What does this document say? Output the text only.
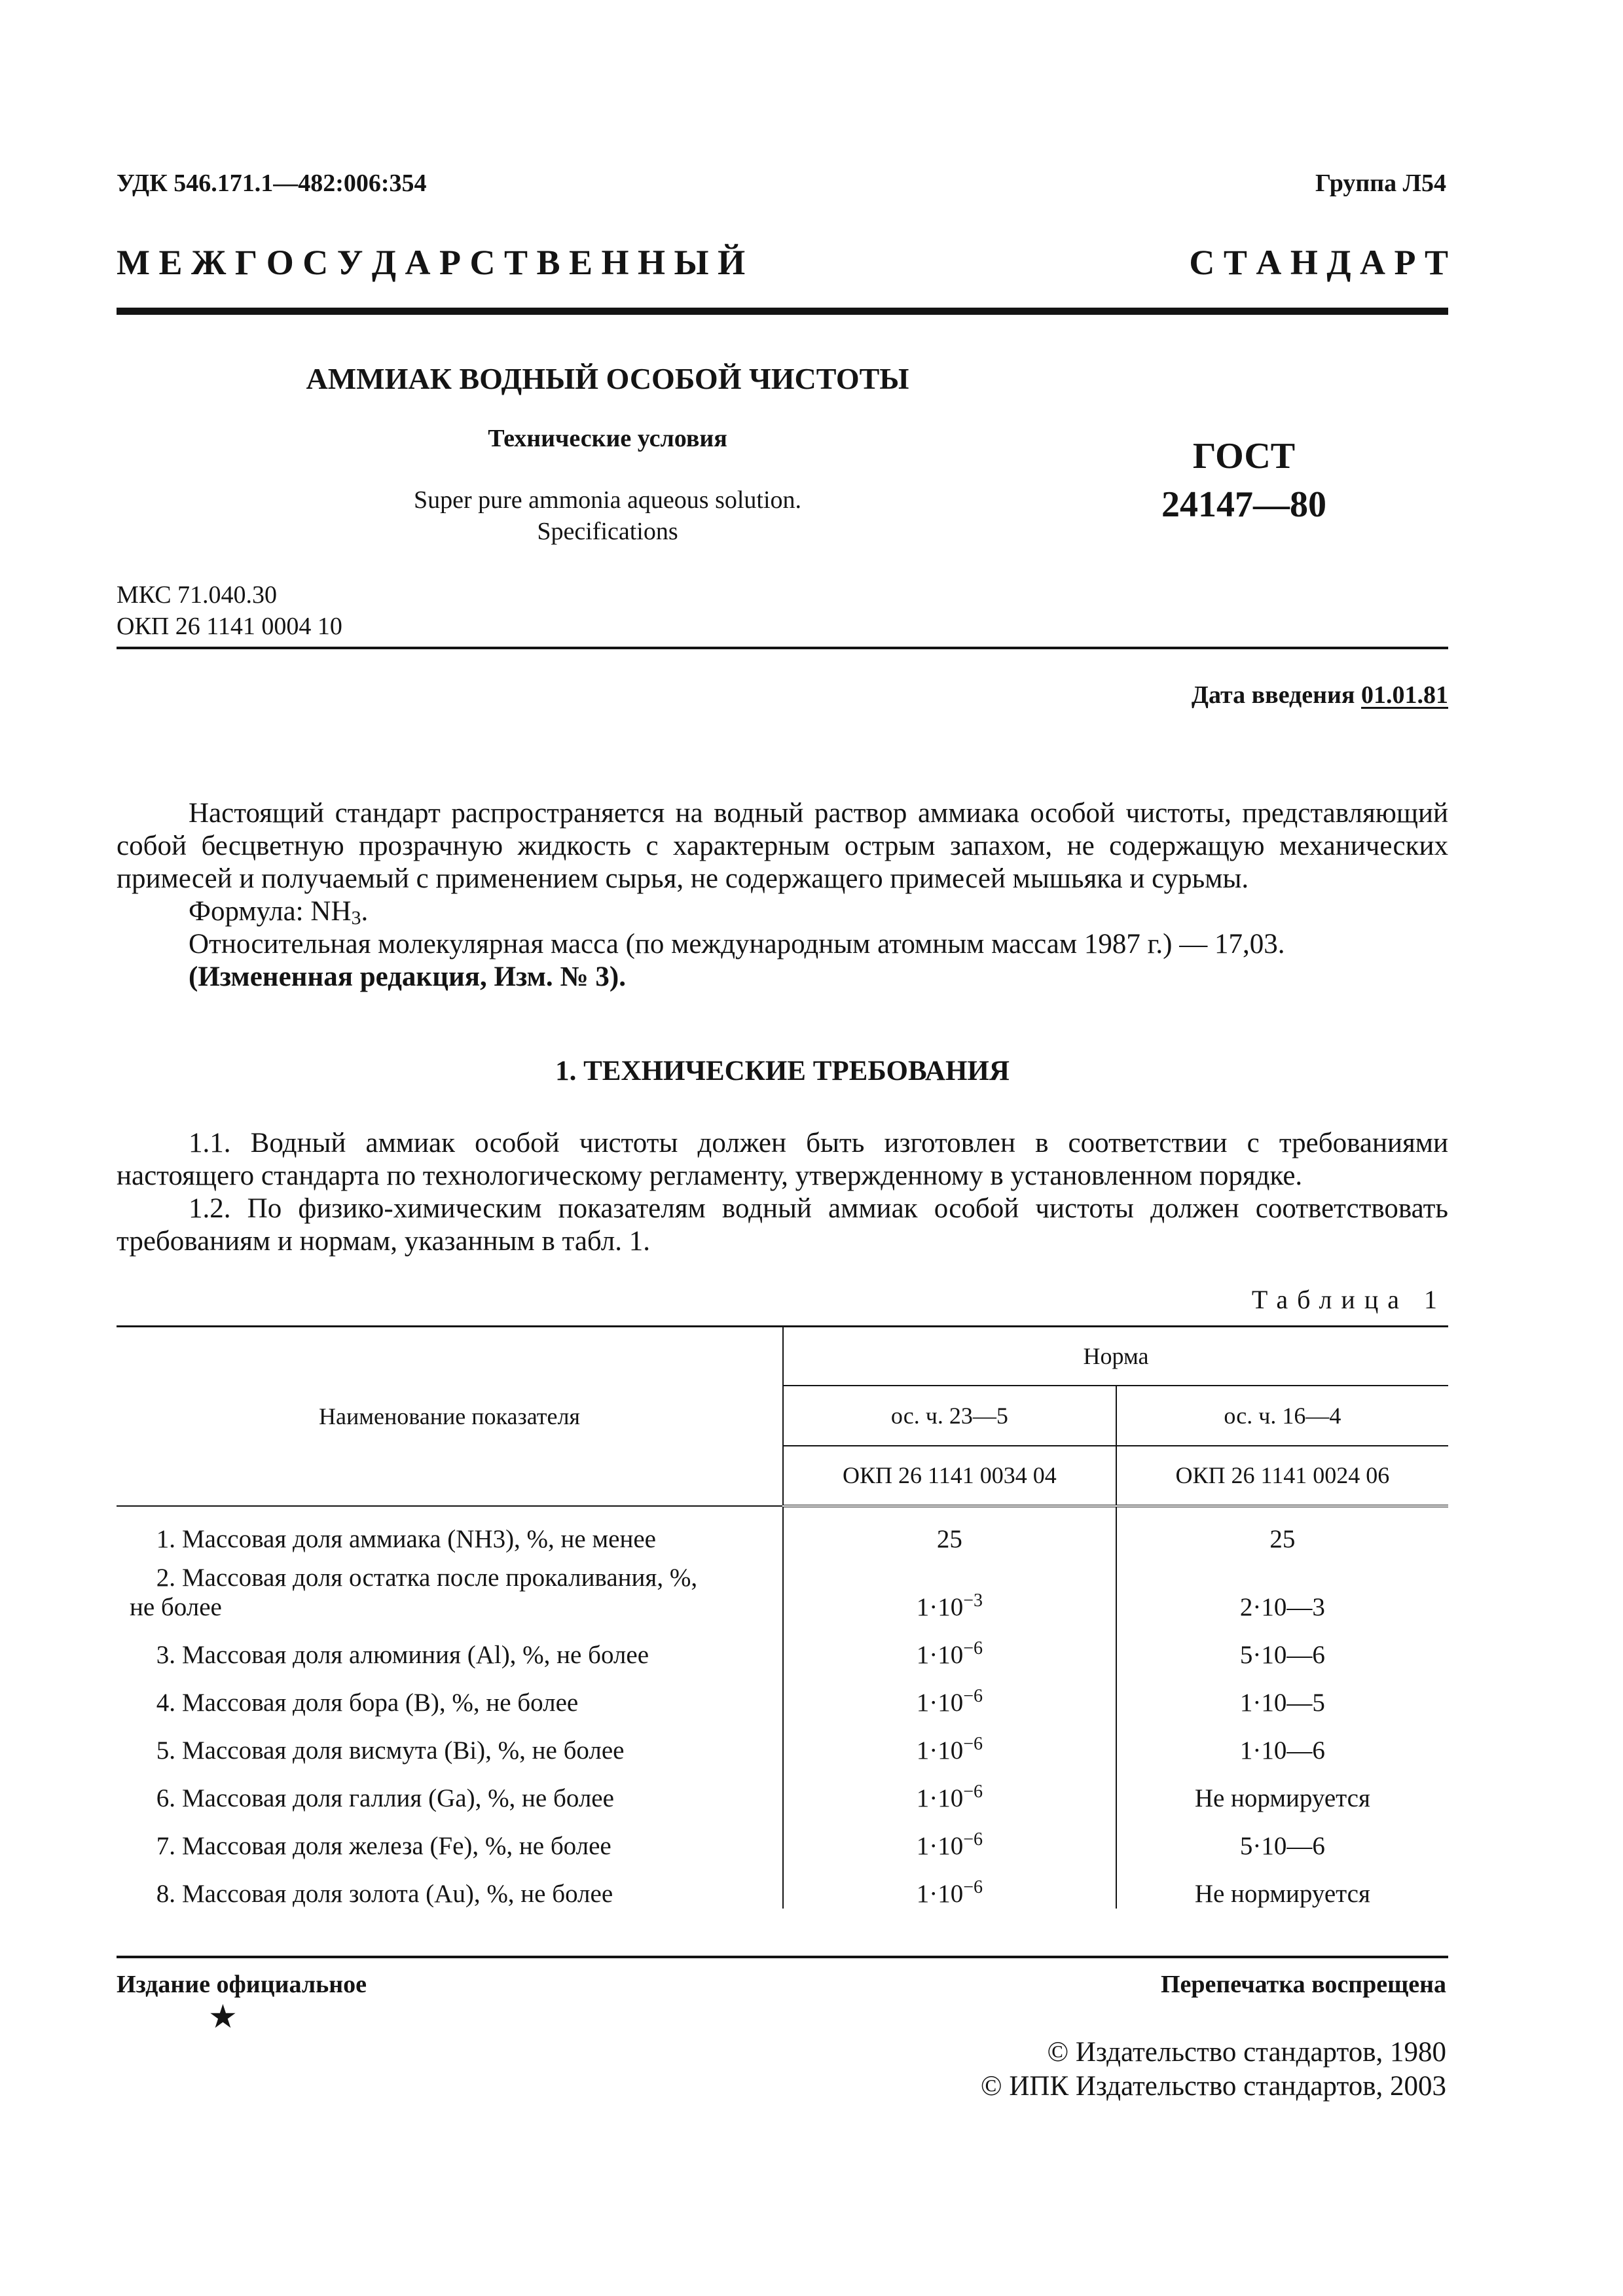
УДК 546.171.1—482:006:354	Группа Л54
М Е Ж Г О С У Д А Р С Т В Е Н Н Ы Й	С Т А Н Д А Р Т
АММИАК ВОДНЫЙ ОСОБОЙ ЧИСТОТЫ
Технические условия
Super pure ammonia aqueous solution.
Specifications
ГОСТ
24147—80
МКС 71.040.30
ОКП 26 1141 0004 10
Дата введения 01.01.81

Настоящий стандарт распространяется на водный раствор аммиака особой чистоты, представляющий собой бесцветную прозрачную жидкость с характерным острым запахом, не содержащую механических примесей и получаемый с применением сырья, не содержащего примесей мышьяка и сурьмы.

Формула: $NH_3$.

Относительная молекулярная масса (по международным атомным массам 1987 г.) — 17,03.

(Измененная редакция, Изм. № 3).

1. ТЕХНИЧЕСКИЕ ТРЕБОВАНИЯ

1.1. Водный аммиак особой чистоты должен быть изготовлен в соответствии с требованиями настоящего стандарта по технологическому регламенту, утвержденному в установленном порядке.

1.2. По физико-химическим показателям водный аммиак особой чистоты должен соответствовать требованиям и нормам, указанным в табл. 1.

Таблица 1
Наименование показателя	Норма	
	ос. ч. 23—5	ос. ч. 16—4
	ОКП 26 1141 0034 04	ОКП 26 1141 0024 06
1. Массовая доля аммиака (NH3), %, не менее	25	25
2. Массовая доля остатка после прокаливания, %,
не более	$1\cdot 10^{-3}$	2·10—3
3. Массовая доля алюминия (Al), %, не более	$1\cdot 10^{-6}$	5·10—6
4. Массовая доля бора (B), %, не более	$1\cdot 10^{-6}$	1·10—5
5. Массовая доля висмута (Bi), %, не более	$1\cdot 10^{-6}$	1·10—6
6. Массовая доля галлия (Ga), %, не более	$1\cdot 10^{-6}$	Не нормируется
7. Массовая доля железа (Fe), %, не более	$1\cdot 10^{-6}$	5·10—6
8. Массовая доля золота (Au), %, не более	$1\cdot 10^{-6}$	Не нормируется
Издание официальное
★
Перепечатка воспрещена
© Издательство стандартов, 1980
© ИПК Издательство стандартов, 2003
